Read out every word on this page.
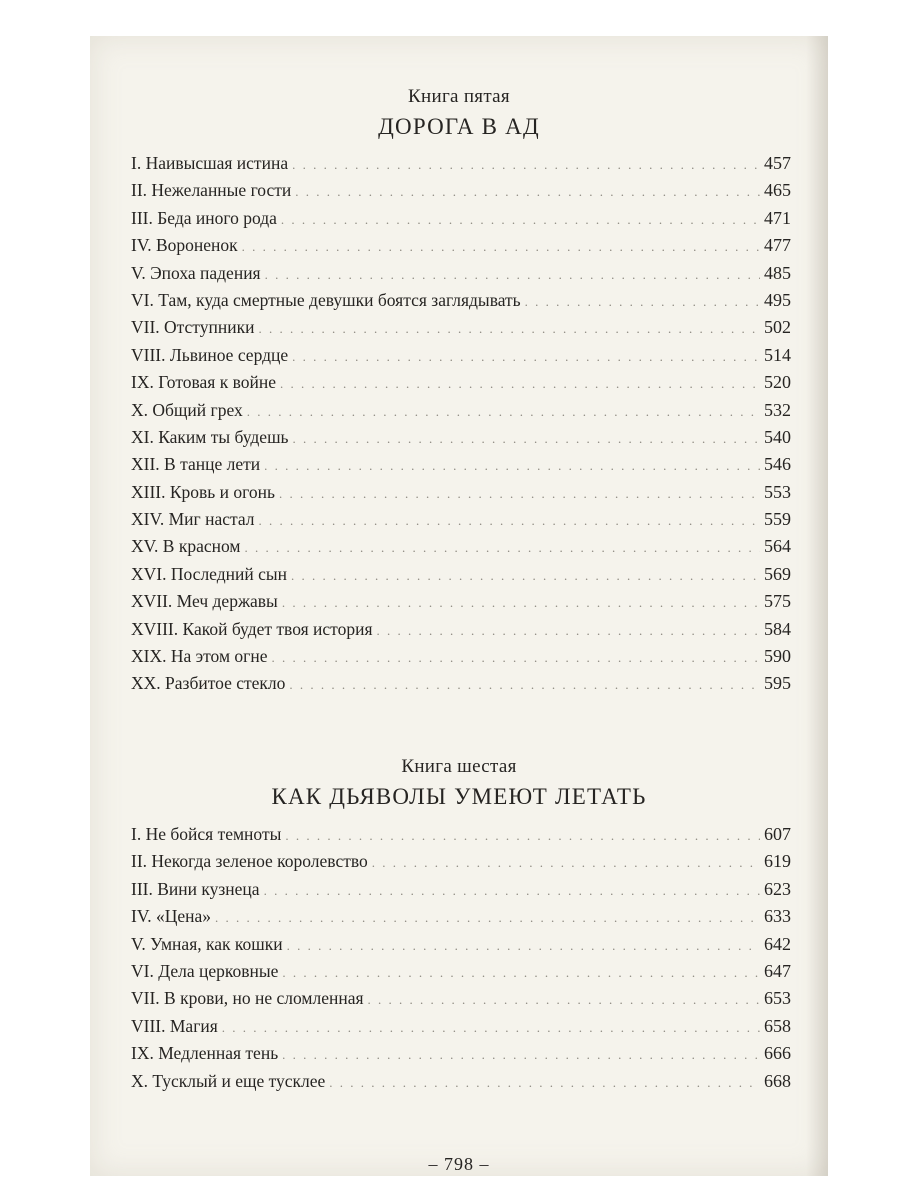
Книга пятая
ДОРОГА В АД
I. Наивысшая истина . . .	457
II. Нежеланные гости . . .	465
III. Беда иного рода . . .	471
IV. Вороненок . . .	477
V. Эпоха падения . . .	485
VI. Там, куда смертные девушки боятся заглядывать . . .	495
VII. Отступники . . .	502
VIII. Львиное сердце . . .	514
IX. Готовая к войне . . .	520
X. Общий грех . . .	532
XI. Каким ты будешь . . .	540
XII. В танце лети . . .	546
XIII. Кровь и огонь . . .	553
XIV. Миг настал . . .	559
XV. В красном . . .	564
XVI. Последний сын . . .	569
XVII. Меч державы . . .	575
XVIII. Какой будет твоя история . . .	584
XIX. На этом огне . . .	590
XX. Разбитое стекло . . .	595
Книга шестая
КАК ДЬЯВОЛЫ УМЕЮТ ЛЕТАТЬ
I. Не бойся темноты . . .	607
II. Некогда зеленое королевство . . .	619
III. Вини кузнеца . . .	623
IV. «Цена» . . .	633
V. Умная, как кошки . . .	642
VI. Дела церковные . . .	647
VII. В крови, но не сломленная . . .	653
VIII. Магия . . .	658
IX. Медленная тень . . .	666
X. Тусклый и еще тусклее . . .	668
– 798 –
